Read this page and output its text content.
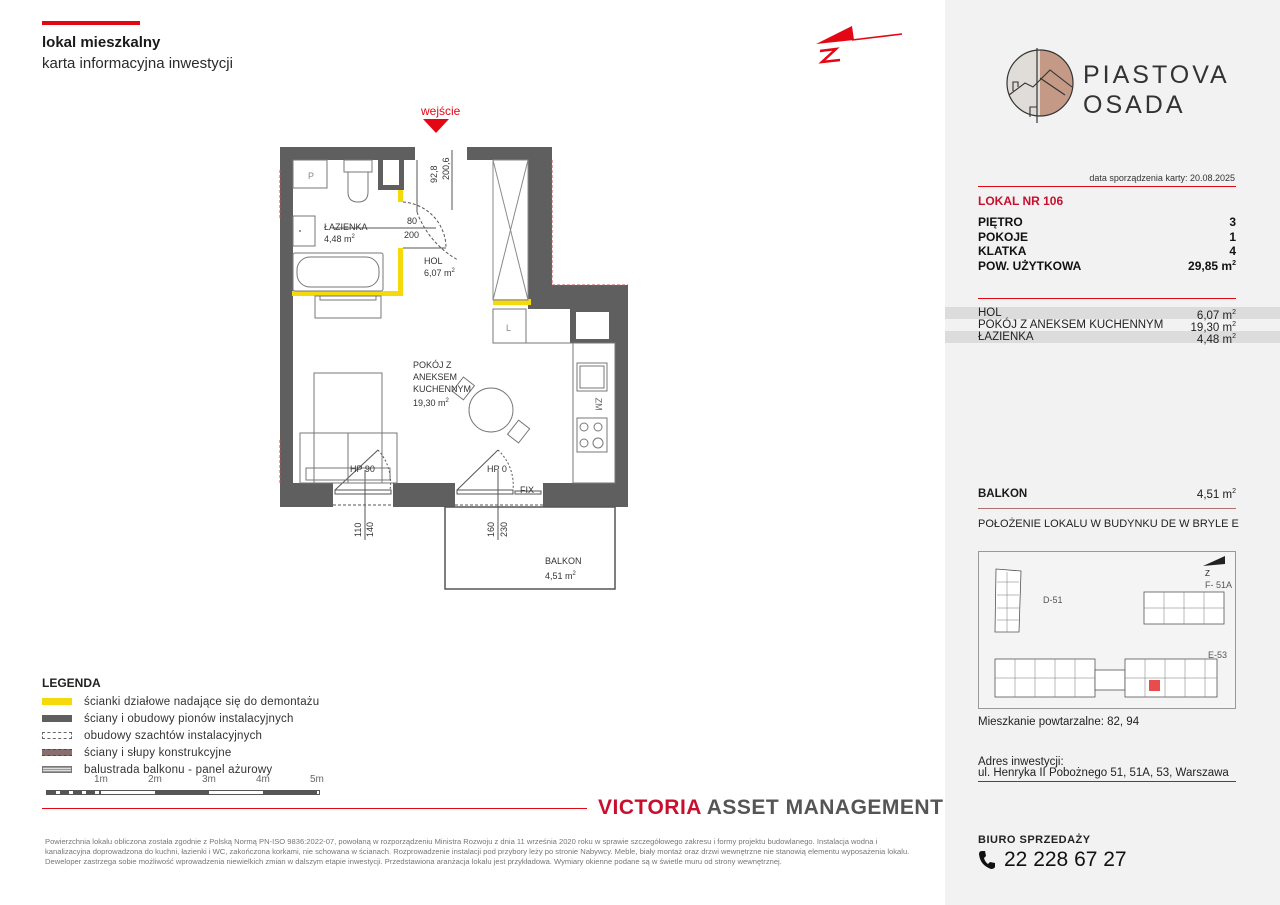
lokal mieszkalny
karta informacyjna inwestycji
wejście
P
ŁAZIENKA
4,48 $m^2$
HOL
6,07 $m^2$
80
200
92,8 200,6
L
ZM
POKÓJ Z
ANEKSEM
KUCHENNYM
19,30 $m^2$
HP 90	HP 0
FIX
110 140	160 230
BALKON
4,51 $m^2$
LEGENDA
ścianki działowe nadające się do demontażu
ściany i obudowy pionów instalacyjnych
obudowy szachtów instalacyjnych
ściany i słupy konstrukcyjne
balustrada balkonu - panel ażurowy
1m	2m	3m	4m	5m
VICTORIA ASSET MANAGEMENT
Powierzchnia lokalu obliczona została zgodnie z Polską Normą PN-ISO 9836:2022-07, powołaną w rozporządzeniu Ministra Rozwoju z dnia 11 września 2020 roku w sprawie szczegółowego zakresu i formy projektu budowlanego. Instalacja wodna i kanalizacyjna doprowadzona do kuchni, łazienki i WC, zakończona korkami, nie schowana w ścianach. Rozprowadzenie instalacji pod przybory leży po stronie Nabywcy. Meble, biały montaż oraz drzwi wewnętrzne nie stanowią elementu wyposażenia lokalu. Deweloper zastrzega sobie możliwość wprowadzenia niewielkich zmian w dalszym etapie inwestycji. Przedstawiona aranżacja lokalu jest przykładowa. Wymiary okienne podane są w świetle muru od strony wewnętrznej.
PIASTOVA
OSADA
data sporządzenia karty: 20.08.2025
LOKAL NR 106
PIĘTRO	3
POKOJE	1
KLATKA	4
POW. UŻYTKOWA	29,85 $m^2$
HOL	6,07 $m^2$
POKÓJ Z ANEKSEM KUCHENNYM 19,30 $m^2$
ŁAZIENKA	4,48 $m^2$
BALKON	4,51 $m^2$
POŁOŻENIE LOKALU W BUDYNKU DE W BRYLE E
Z
D-51
F- 51A
E-53
Mieszkanie powtarzalne: 82, 94
Adres inwestycji:
ul. Henryka II Pobożnego 51, 51A, 53, Warszawa
BIURO SPRZEDAŻY
22 228 67 27
